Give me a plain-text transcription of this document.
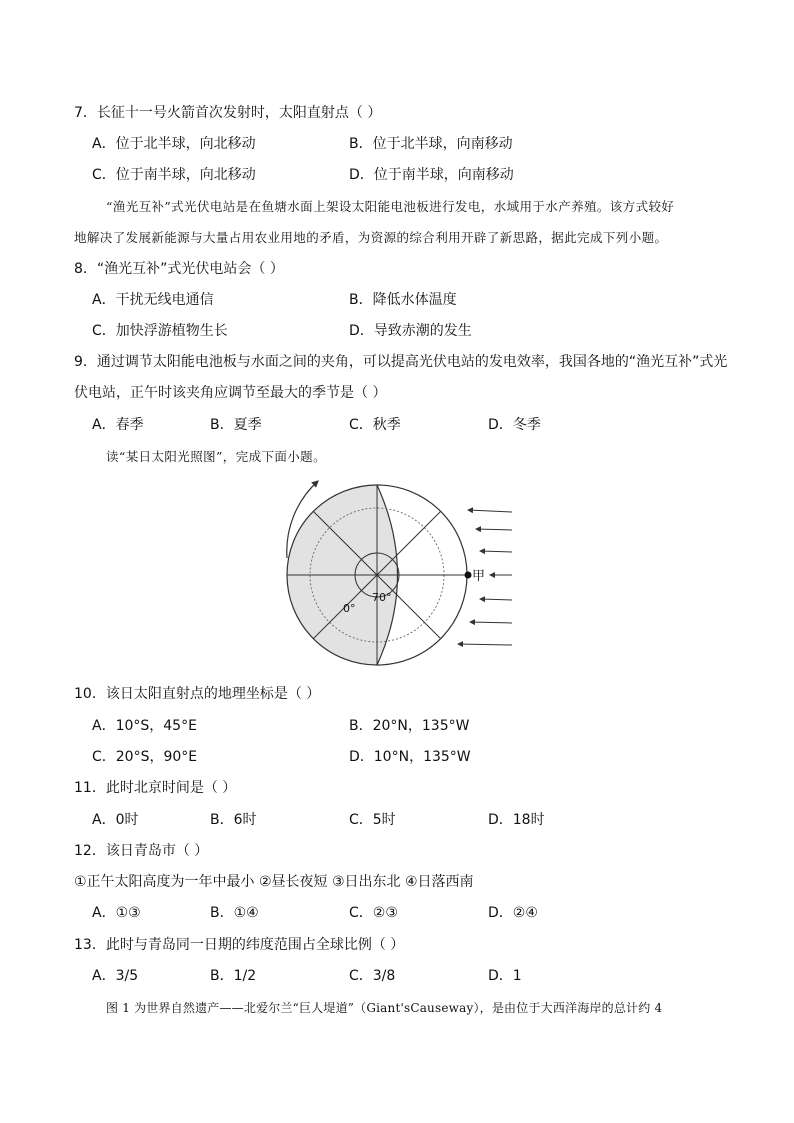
7．长征十一号火箭首次发射时，太阳直射点（ ）
A．位于北半球，向北移动	B．位于北半球，向南移动
C．位于南半球，向北移动	D．位于南半球，向南移动
“渔光互补”式光伏电站是在鱼塘水面上架设太阳能电池板进行发电，水域用于水产养殖。该方式较好
地解决了发展新能源与大量占用农业用地的矛盾，为资源的综合利用开辟了新思路，据此完成下列小题。
8．“渔光互补”式光伏电站会（ ）
A．干扰无线电通信	B．降低水体温度
C．加快浮游植物生长	D．导致赤潮的发生
9．通过调节太阳能电池板与水面之间的夹角，可以提高光伏电站的发电效率，我国各地的“渔光互补”式光
伏电站，正午时该夹角应调节至最大的季节是（ ）
A．春季	B．夏季	C．秋季	D．冬季
读“某日太阳光照图”，完成下面小题。
甲
70°
0°
10．该日太阳直射点的地理坐标是（ ）
A．10°S，45°E	B．20°N，135°W
C．20°S，90°E	D．10°N，135°W
11．此时北京时间是（ ）
A．0时	B．6时	C．5时	D．18时
12．该日青岛市（ ）
①正午太阳高度为一年中最小 ②昼长夜短 ③日出东北 ④日落西南
A．①③	B．①④	C．②③	D．②④
13．此时与青岛同一日期的纬度范围占全球比例（ ）
A．3/5	B．1/2	C．3/8	D．1
图 1 为世界自然遗产——北爱尔兰“巨人堤道”（Giant'sCauseway），是由位于大西洋海岸的总计约 4
